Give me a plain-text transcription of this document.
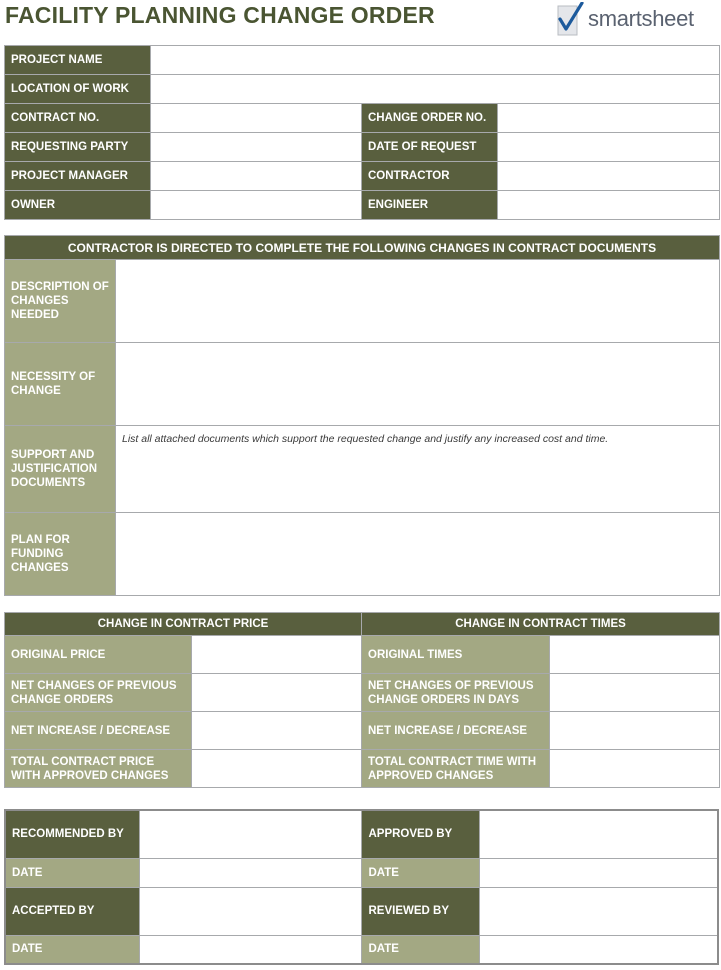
FACILITY PLANNING CHANGE ORDER	smartsheet
PROJECT NAME			
LOCATION OF WORK			
CONTRACT NO.		CHANGE ORDER NO.	
REQUESTING PARTY		DATE OF REQUEST	
PROJECT MANAGER		CONTRACTOR	
OWNER		ENGINEER	
CONTRACTOR IS DIRECTED TO COMPLETE THE FOLLOWING CHANGES IN CONTRACT DOCUMENTS	
DESCRIPTION OF CHANGES NEEDED	
NECESSITY OF CHANGE	
SUPPORT AND JUSTIFICATION DOCUMENTS	List all attached documents which support the requested change and justify any increased cost and time.
PLAN FOR FUNDING CHANGES	
CHANGE IN CONTRACT PRICE		CHANGE IN CONTRACT TIMES	
ORIGINAL PRICE		ORIGINAL TIMES	
NET CHANGES OF PREVIOUS CHANGE ORDERS		NET CHANGES OF PREVIOUS CHANGE ORDERS IN DAYS	
NET INCREASE / DECREASE		NET INCREASE / DECREASE	
TOTAL CONTRACT PRICE WITH APPROVED CHANGES		TOTAL CONTRACT TIME WITH APPROVED CHANGES	
RECOMMENDED BY		APPROVED BY	
DATE		DATE	
ACCEPTED BY		REVIEWED BY	
DATE		DATE	
